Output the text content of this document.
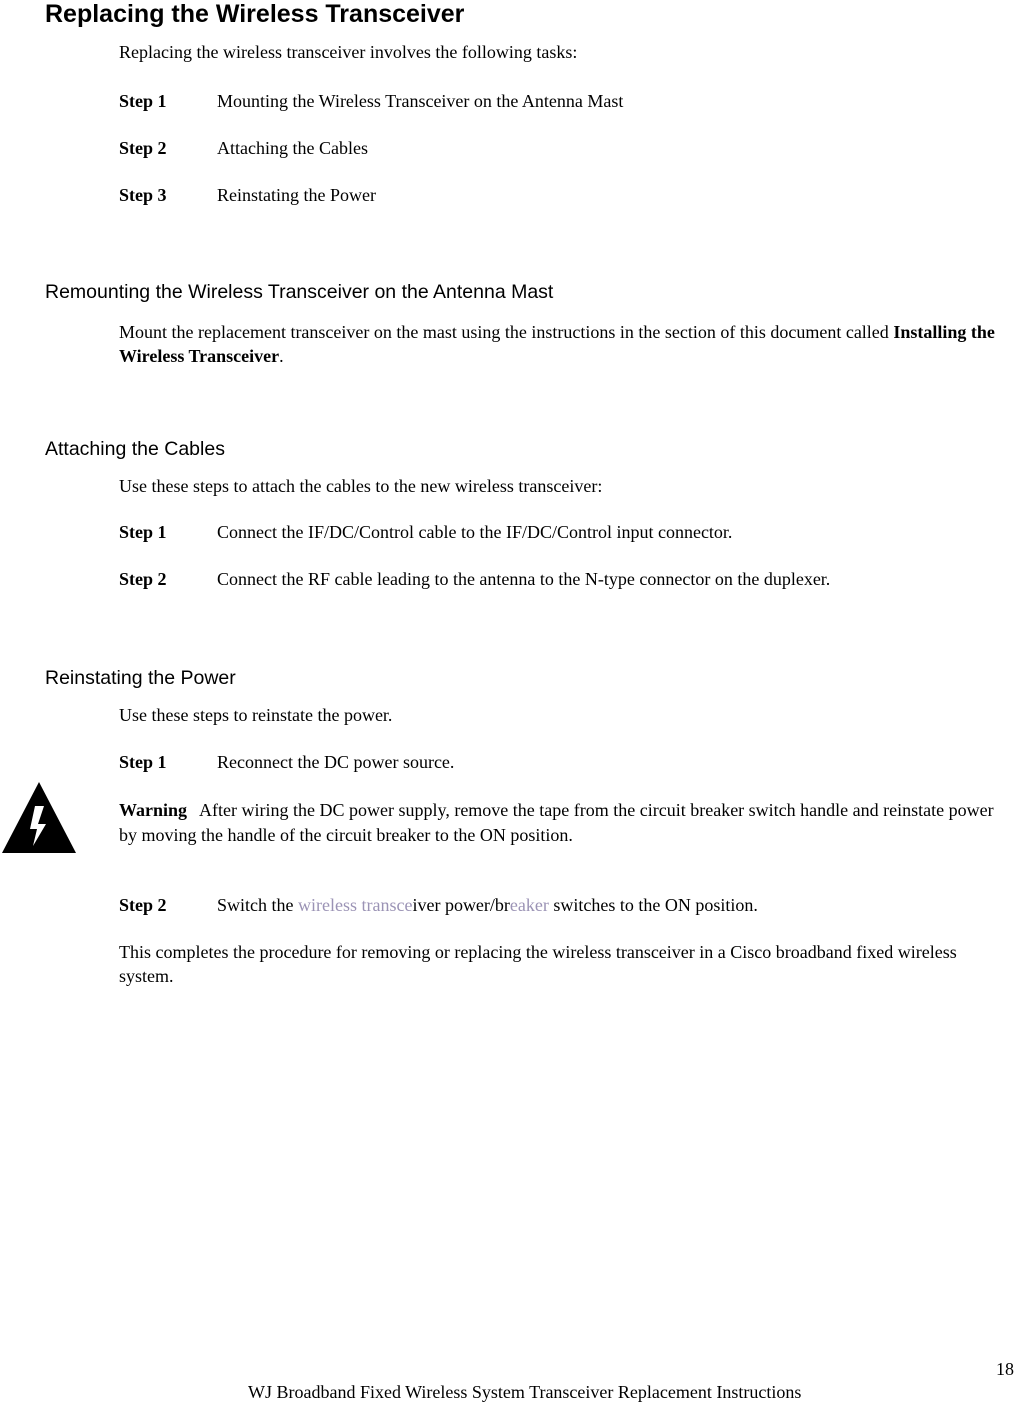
Replacing the Wireless Transceiver
Replacing the wireless transceiver involves the following tasks:
Step 1	Mounting the Wireless Transceiver on the Antenna Mast
Step 2	Attaching the Cables
Step 3	Reinstating the Power
Remounting the Wireless Transceiver on the Antenna Mast
Mount the replacement transceiver on the mast using the instructions in the section of this document called Installing the Wireless Transceiver.
Attaching the Cables
Use these steps to attach the cables to the new wireless transceiver:
Step 1	Connect the IF/DC/Control cable to the IF/DC/Control input connector.
Step 2	Connect the RF cable leading to the antenna to the N-type connector on the duplexer.
Reinstating the Power
Use these steps to reinstate the power.
Step 1	Reconnect the DC power source.
Warning After wiring the DC power supply, remove the tape from the circuit breaker switch handle and reinstate power by moving the handle of the circuit breaker to the ON position.
Step 2	Switch the wireless transceiver power/breaker switches to the ON position.
This completes the procedure for removing or replacing the wireless transceiver in a Cisco broadband fixed wireless system.
18
WJ Broadband Fixed Wireless System Transceiver Replacement Instructions
